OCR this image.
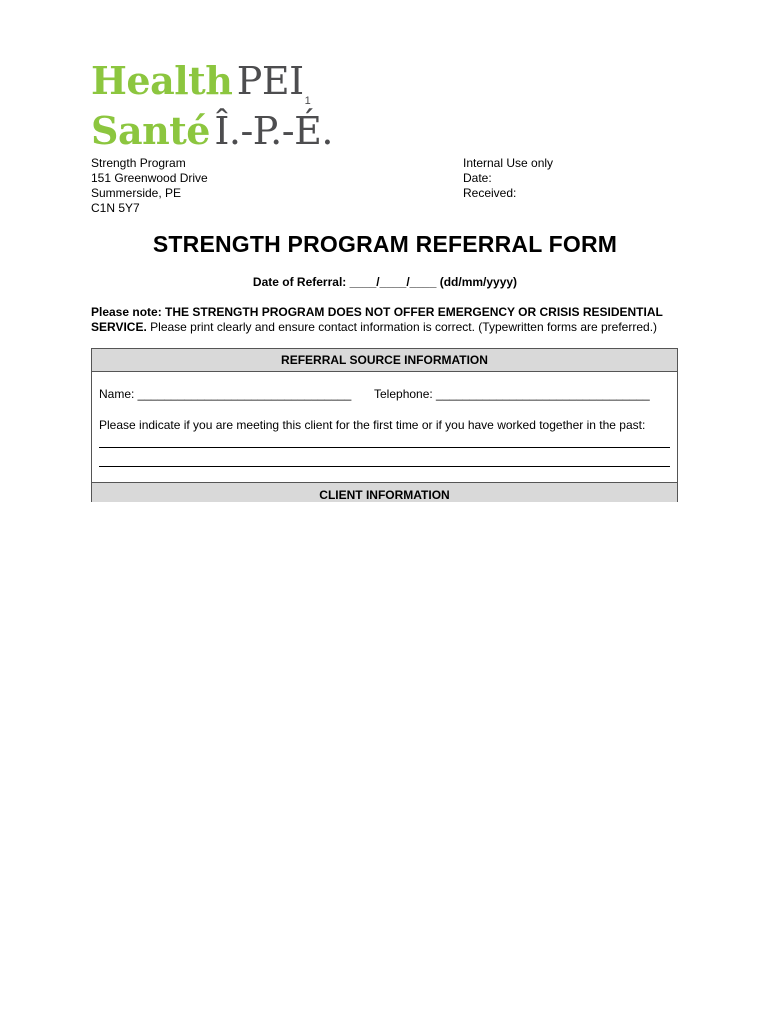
Health $PEI_1$
Santé Î.-P.-É.
Strength Program
151 Greenwood Drive
Summerside, PE
C1N 5Y7
Internal Use only
Date:
Received:
STRENGTH PROGRAM REFERRAL FORM
Date of Referral: ____/____/____ (dd/mm/yyyy)
Please note: THE STRENGTH PROGRAM DOES NOT OFFER EMERGENCY OR CRISIS RESIDENTIAL SERVICE. Please print clearly and ensure contact information is correct. (Typewritten forms are preferred.)
REFERRAL SOURCE INFORMATION
Name: ________________________________ Telephone: ________________________________
Please indicate if you are meeting this client for the first time or if you have worked together in the past:
CLIENT INFORMATION
